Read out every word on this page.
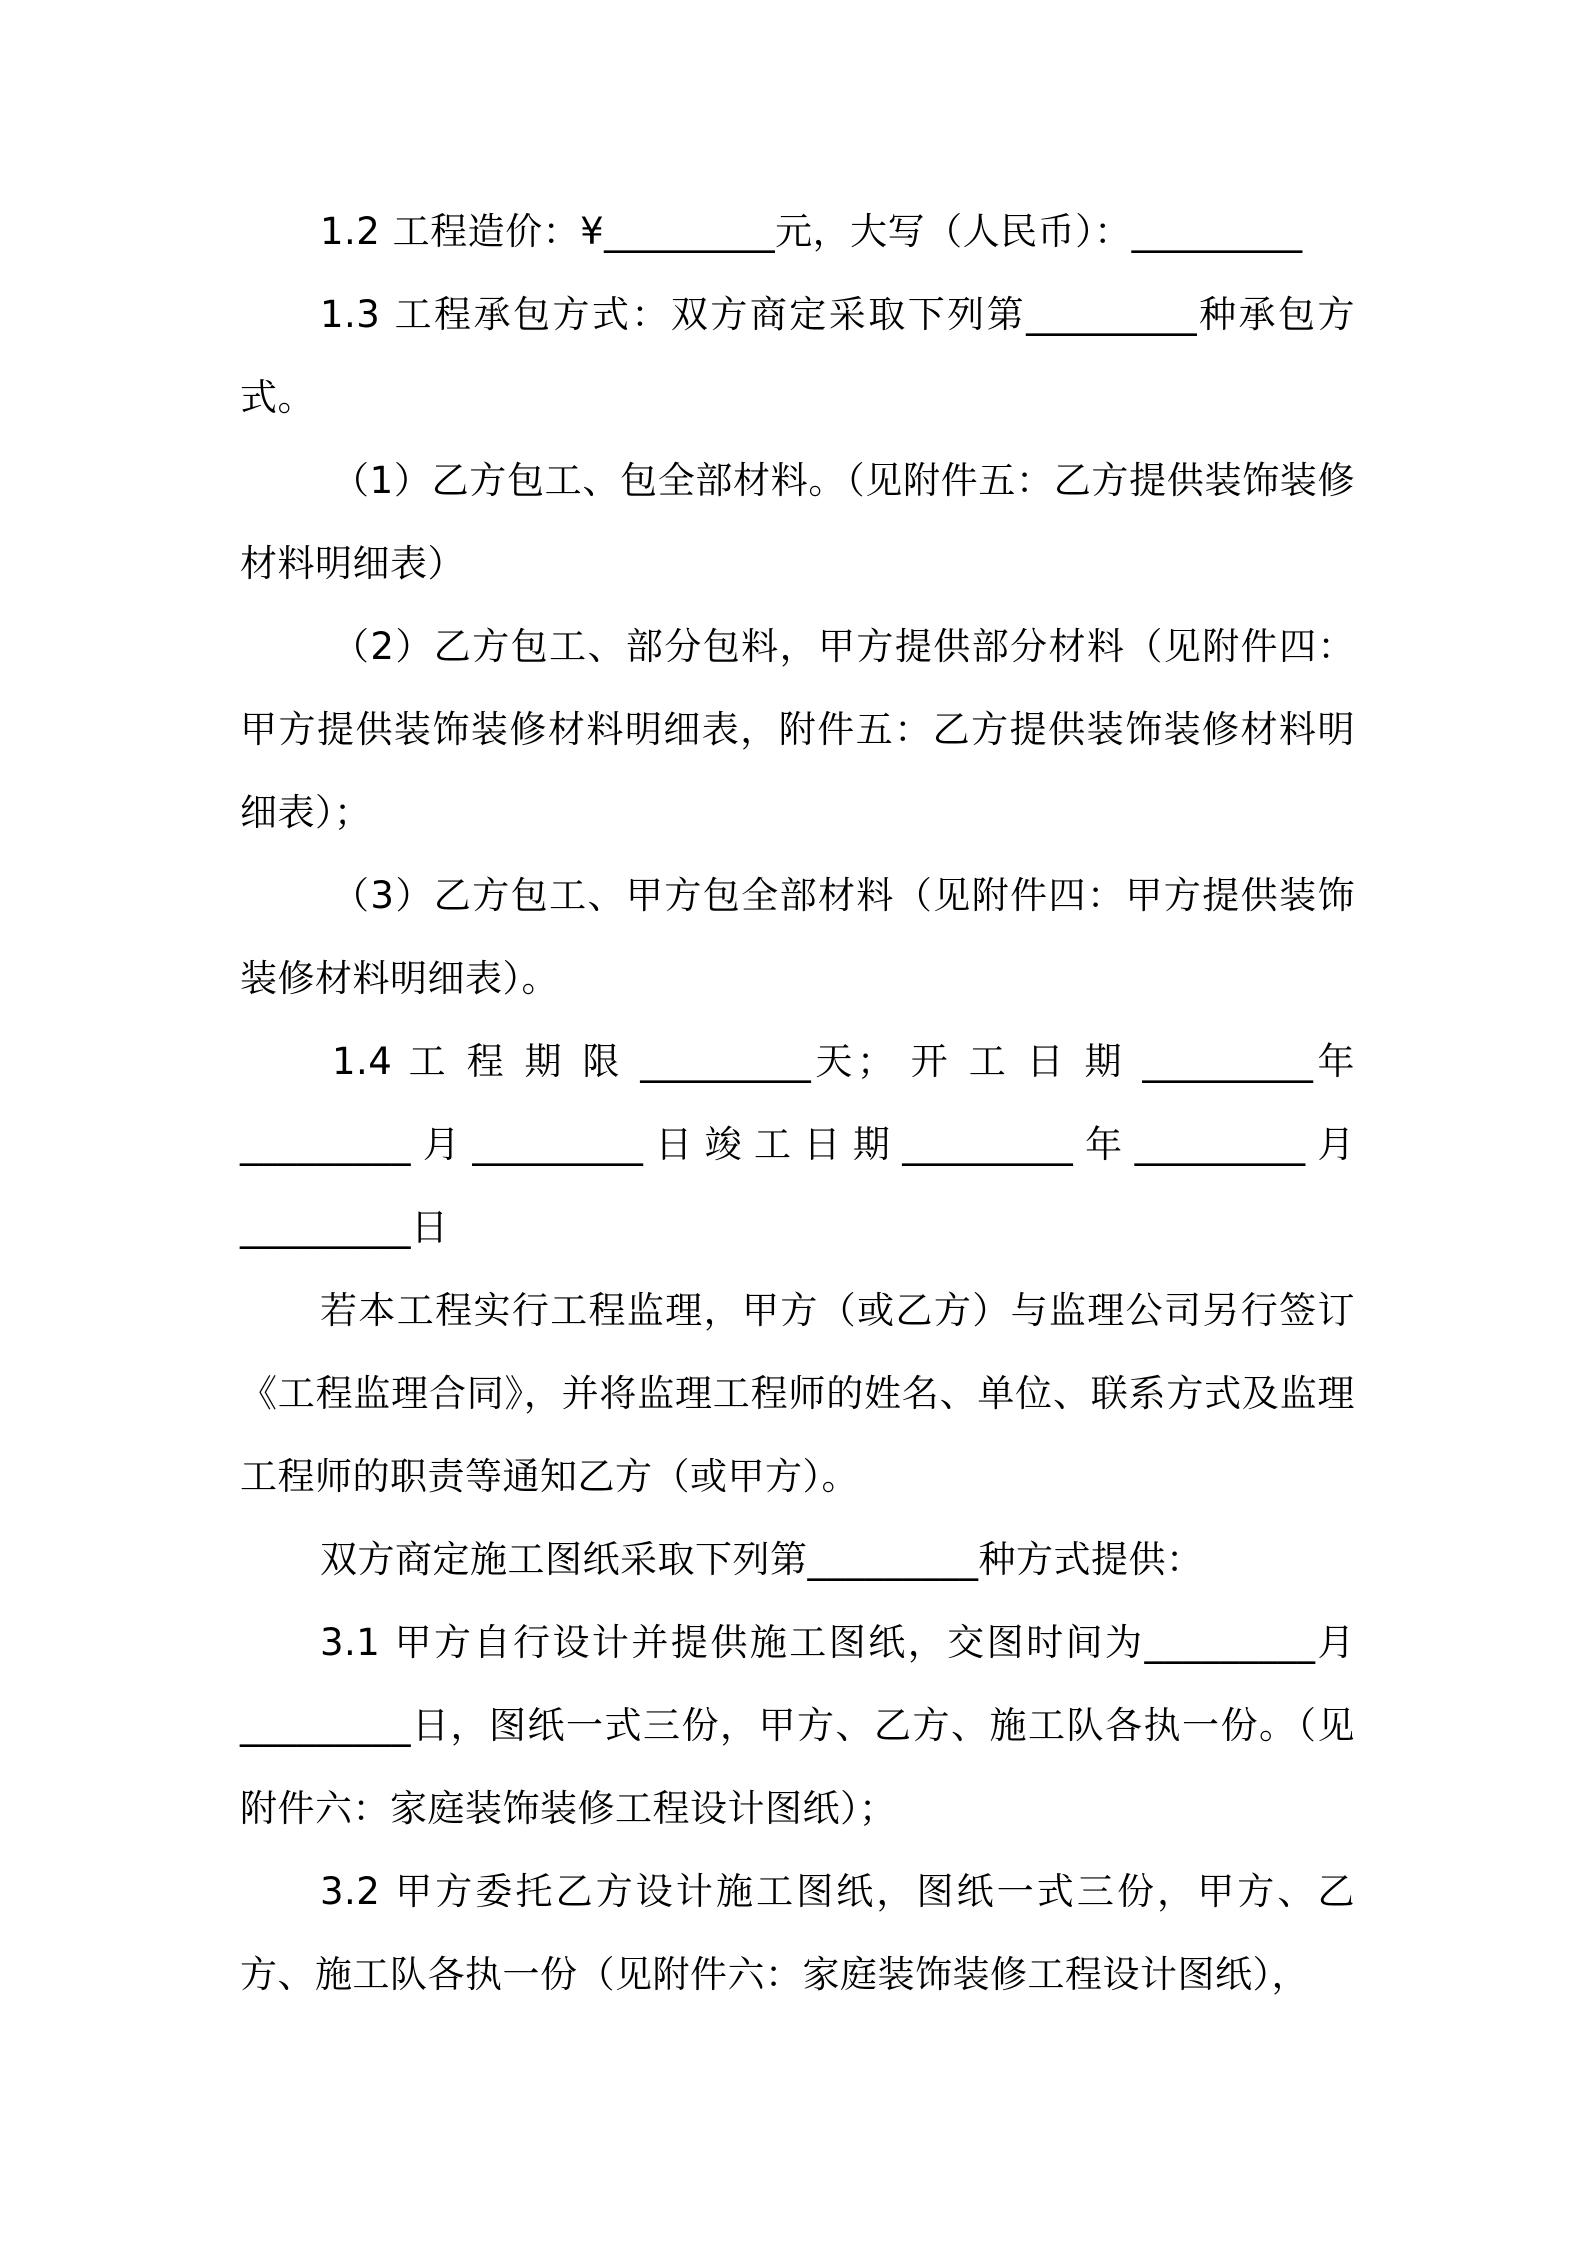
1.2 工程造价：¥_________元，大写（人民币）：_________

1.3 工程承包方式：双方商定采取下列第_________种承包方式。

（1）乙方包工、包全部材料。（见附件五：乙方提供装饰装修材料明细表）

（2）乙方包工、部分包料，甲方提供部分材料（见附件四：甲方提供装饰装修材料明细表，附件五：乙方提供装饰装修材料明细表）；

（3）乙方包工、甲方包全部材料（见附件四：甲方提供装饰装修材料明细表）。

1.4 工 程 期 限 _________天； 开 工 日 期 _________年_________月_________日竣工日期_________年_________月_________日

若本工程实行工程监理，甲方（或乙方）与监理公司另行签订《工程监理合同》，并将监理工程师的姓名、单位、联系方式及监理工程师的职责等通知乙方（或甲方）。

双方商定施工图纸采取下列第_________种方式提供：

3.1 甲方自行设计并提供施工图纸，交图时间为_________月_________日，图纸一式三份，甲方、乙方、施工队各执一份。（见附件六：家庭装饰装修工程设计图纸）；

3.2 甲方委托乙方设计施工图纸，图纸一式三份，甲方、乙方、施工队各执一份（见附件六：家庭装饰装修工程设计图纸），
